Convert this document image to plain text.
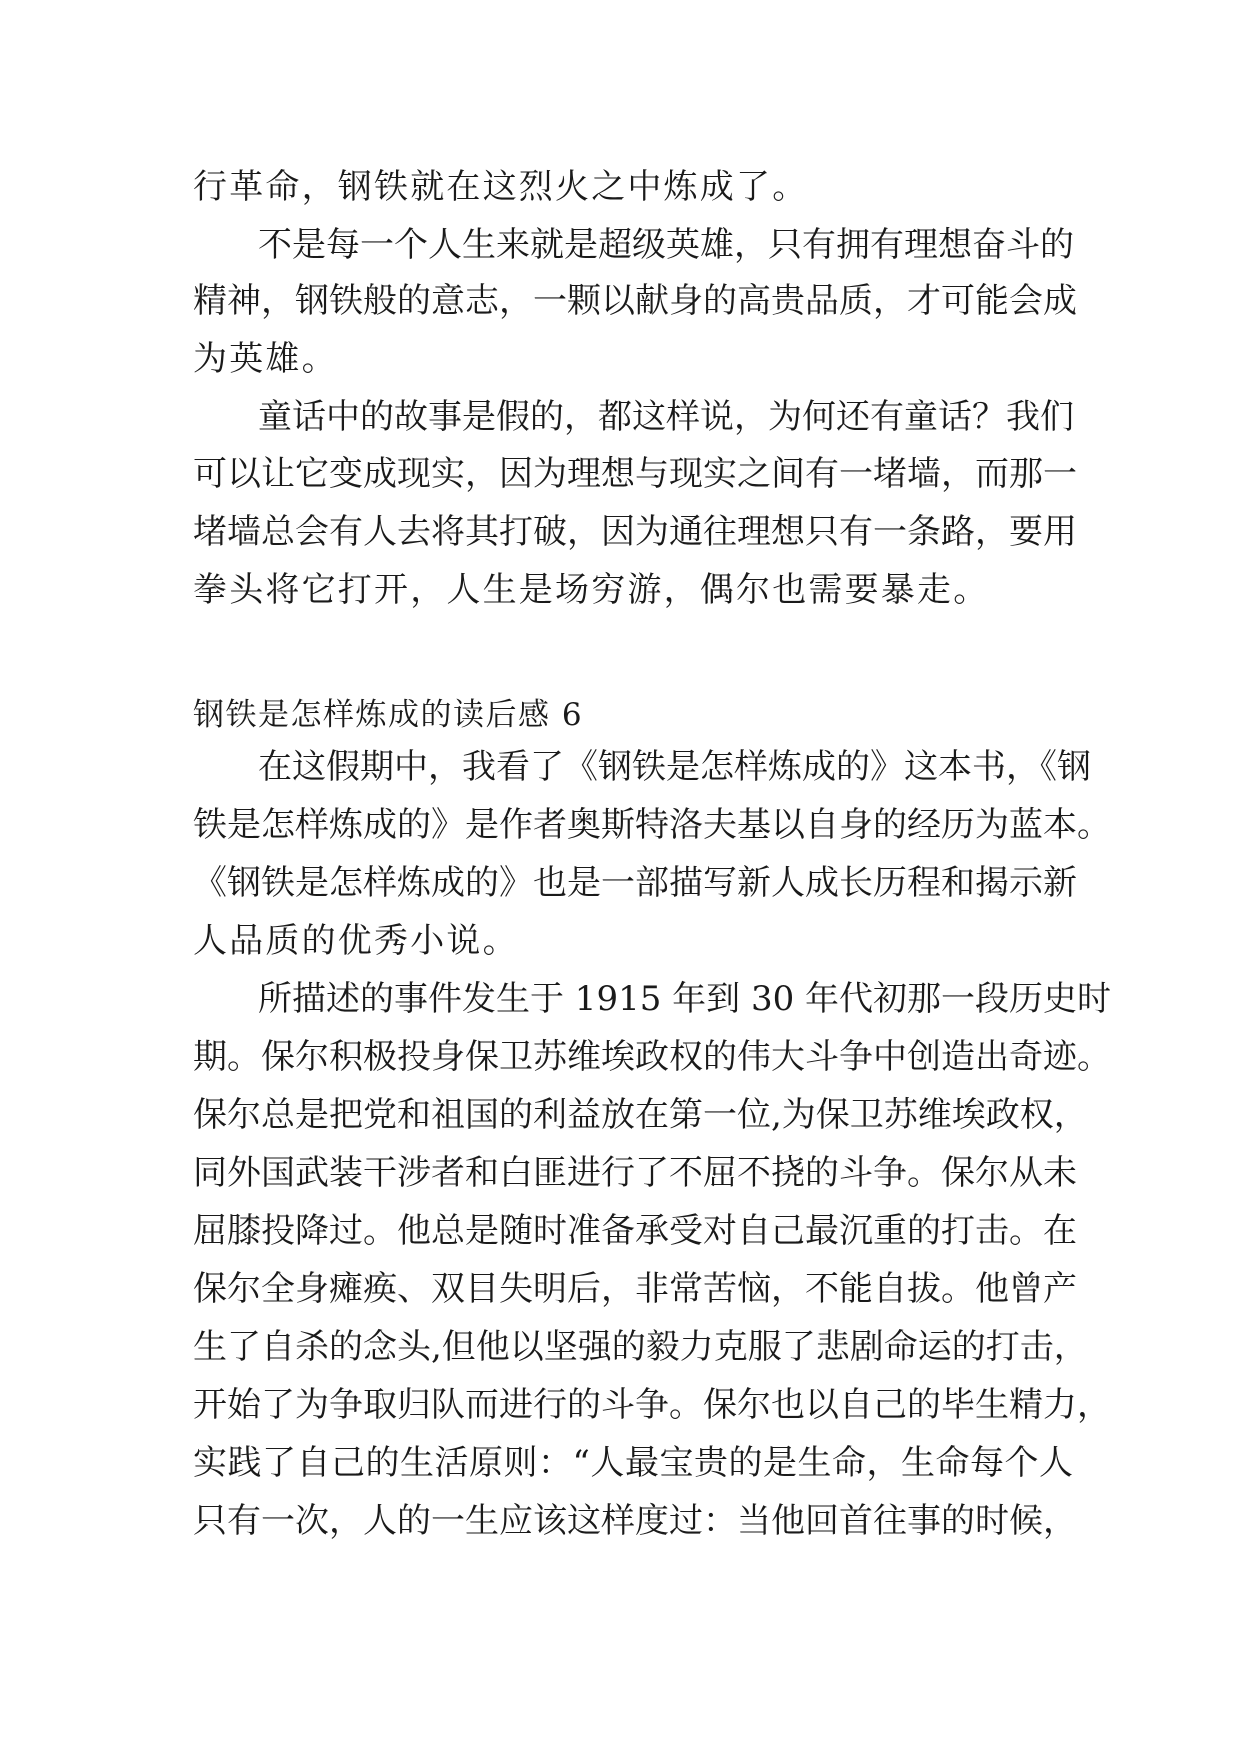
行革命，钢铁就在这烈火之中炼成了。
不是每一个人生来就是超级英雄，只有拥有理想奋斗的
精神，钢铁般的意志，一颗以献身的高贵品质，才可能会成
为英雄。
童话中的故事是假的，都这样说，为何还有童话？我们
可以让它变成现实，因为理想与现实之间有一堵墙，而那一
堵墙总会有人去将其打破，因为通往理想只有一条路，要用
拳头将它打开，人生是场穷游，偶尔也需要暴走。
钢铁是怎样炼成的读后感 6
在这假期中，我看了《钢铁是怎样炼成的》这本书，《钢
铁是怎样炼成的》是作者奥斯特洛夫基以自身的经历为蓝本。
《钢铁是怎样炼成的》也是一部描写新人成长历程和揭示新
人品质的优秀小说。
所描述的事件发生于 1915 年到 30 年代初那一段历史时
期。保尔积极投身保卫苏维埃政权的伟大斗争中创造出奇迹。
保尔总是把党和祖国的利益放在第一位,为保卫苏维埃政权，
同外国武装干涉者和白匪进行了不屈不挠的斗争。保尔从未
屈膝投降过。他总是随时准备承受对自己最沉重的打击。在
保尔全身瘫痪、双目失明后，非常苦恼，不能自拔。他曾产
生了自杀的念头,但他以坚强的毅力克服了悲剧命运的打击，
开始了为争取归队而进行的斗争。保尔也以自己的毕生精力，
实践了自己的生活原则：“人最宝贵的是生命，生命每个人
只有一次，人的一生应该这样度过：当他回首往事的时候，
